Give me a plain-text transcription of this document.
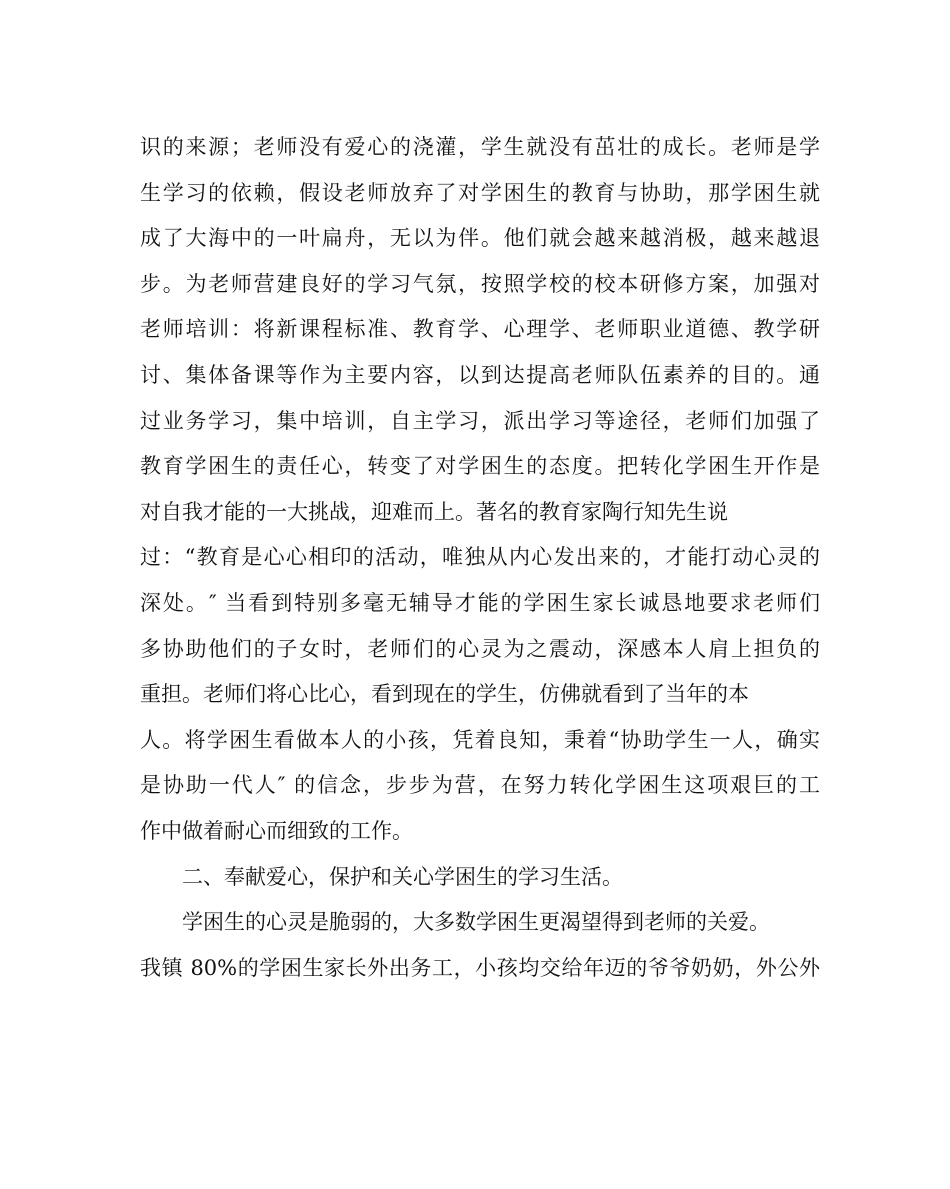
识的来源；老师没有爱心的浇灌，学生就没有茁壮的成长。老师是学
生学习的依赖，假设老师放弃了对学困生的教育与协助，那学困生就
成了大海中的一叶扁舟，无以为伴。他们就会越来越消极，越来越退
步。为老师营建良好的学习气氛，按照学校的校本研修方案，加强对
老师培训：将新课程标准、教育学、心理学、老师职业道德、教学研
讨、集体备课等作为主要内容，以到达提高老师队伍素养的目的。通
过业务学习，集中培训，自主学习，派出学习等途径，老师们加强了
教育学困生的责任心，转变了对学困生的态度。把转化学困生开作是
对自我才能的一大挑战，迎难而上。著名的教育家陶行知先生说
过：“教育是心心相印的活动，唯独从内心发出来的，才能打动心灵的
深处。″ 当看到特别多毫无辅导才能的学困生家长诚恳地要求老师们
多协助他们的子女时，老师们的心灵为之震动，深感本人肩上担负的
重担。老师们将心比心，看到现在的学生，仿佛就看到了当年的本
人。将学困生看做本人的小孩，凭着良知，秉着“协助学生一人，确实
是协助一代人″ 的信念，步步为营，在努力转化学困生这项艰巨的工
作中做着耐心而细致的工作。
二、奉献爱心，保护和关心学困生的学习生活。
学困生的心灵是脆弱的，大多数学困生更渴望得到老师的关爱。
我镇 80%的学困生家长外出务工，小孩均交给年迈的爷爷奶奶，外公外
